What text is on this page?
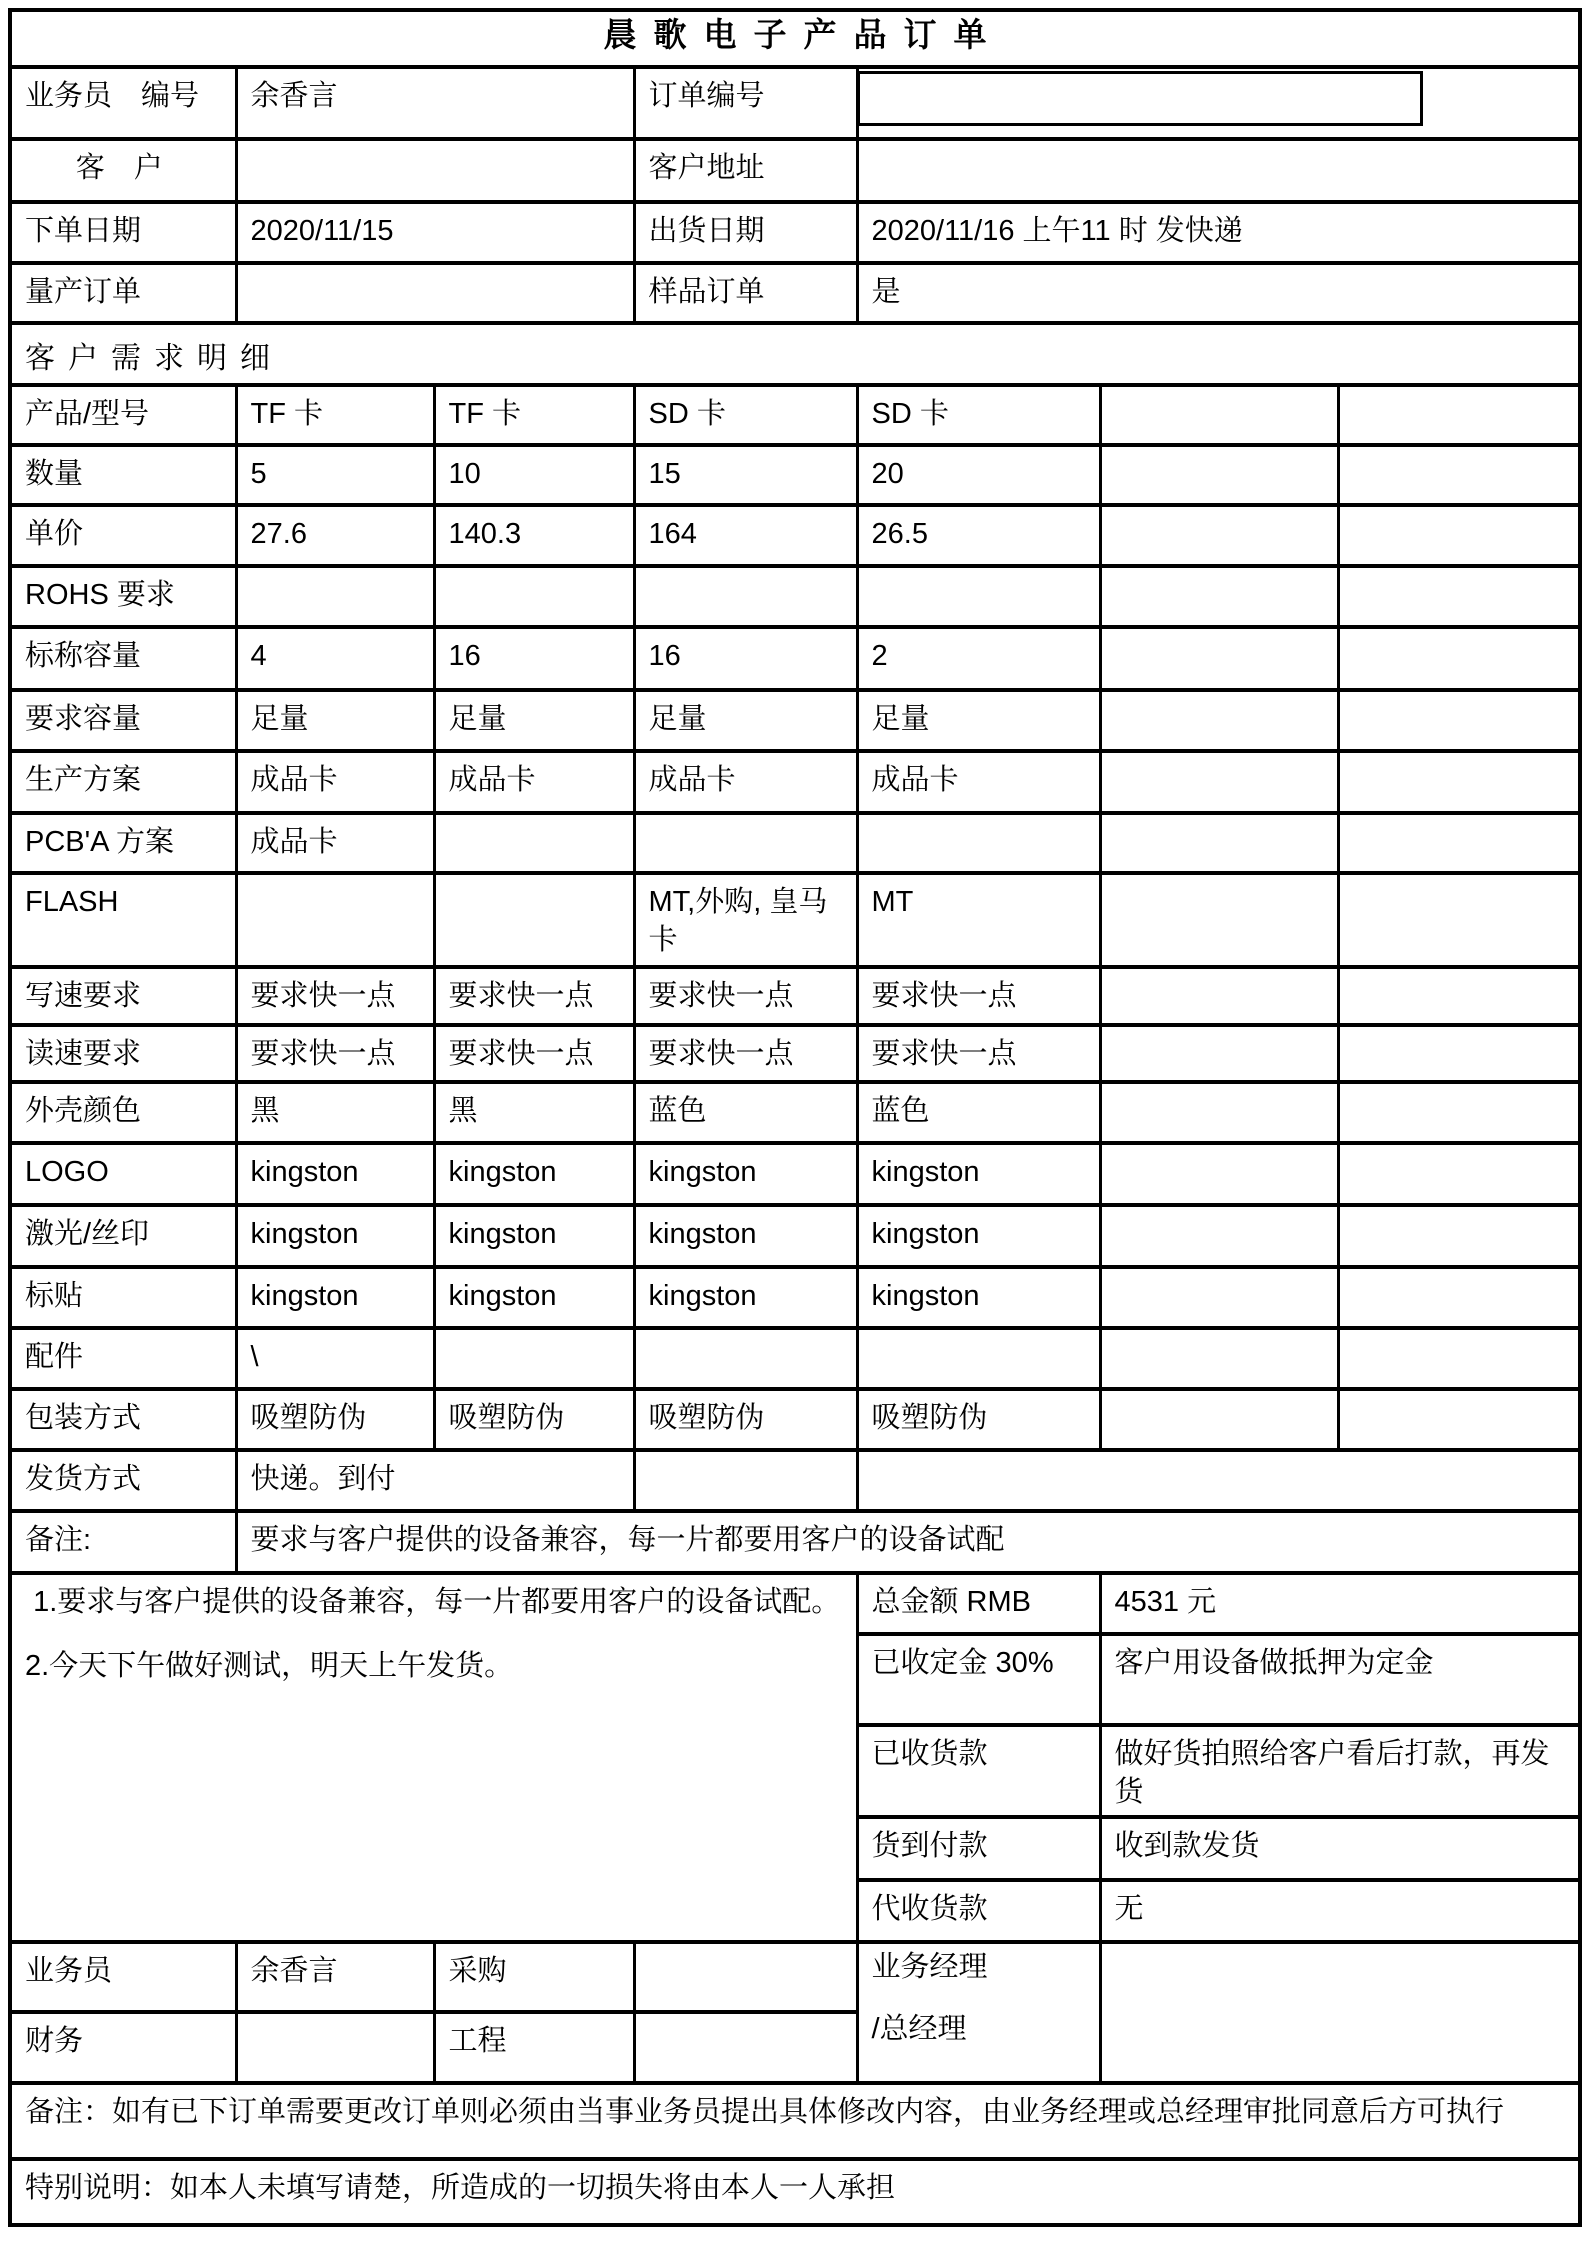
晨歌电子产品订单						
业务员　编号	余香言		订单编号			

客　户			客户地址			
下单日期	2020/11/15		出货日期	2020/11/16 上午11 时 发快递		
量产订单			样品订单	是		
客户需求明细						
产品/型号	TF 卡	TF 卡	SD 卡	SD 卡		
数量	5	10	15	20		
单价	27.6	140.3	164	26.5		
ROHS 要求						
标称容量	4	16	16	2		
要求容量	足量	足量	足量	足量		
生产方案	成品卡	成品卡	成品卡	成品卡		
PCB'A 方案	成品卡					
FLASH			MT,外购, 皇马卡	MT		
写速要求	要求快一点	要求快一点	要求快一点	要求快一点		
读速要求	要求快一点	要求快一点	要求快一点	要求快一点		
外壳颜色	黑	黑	蓝色	蓝色		
LOGO	kingston	kingston	kingston	kingston		
激光/丝印	kingston	kingston	kingston	kingston		
标贴	kingston	kingston	kingston	kingston		
配件	\					
包装方式	吸塑防伪	吸塑防伪	吸塑防伪	吸塑防伪		
发货方式	快递。到付					
备注:	要求与客户提供的设备兼容，每一片都要用客户的设备试配					

1.要求与客户提供的设备兼容，每一片都要用客户的设备试配。

2.今天下午做好测试，明天上午发货。				总金额 RMB	4531 元	
				已收定金 30%	客户用设备做抵押为定金	
				已收货款	做好货拍照给客户看后打款，再发货	
				货到付款	收到款发货	
				代收货款	无	
业务员	余香言	采购		业务经理
/总经理		

财务		工程				
备注：如有已下订单需要更改订单则必须由当事业务员提出具体修改内容，由业务经理或总经理审批同意后方可执行						
特别说明：如本人未填写请楚，所造成的一切损失将由本人一人承担						
